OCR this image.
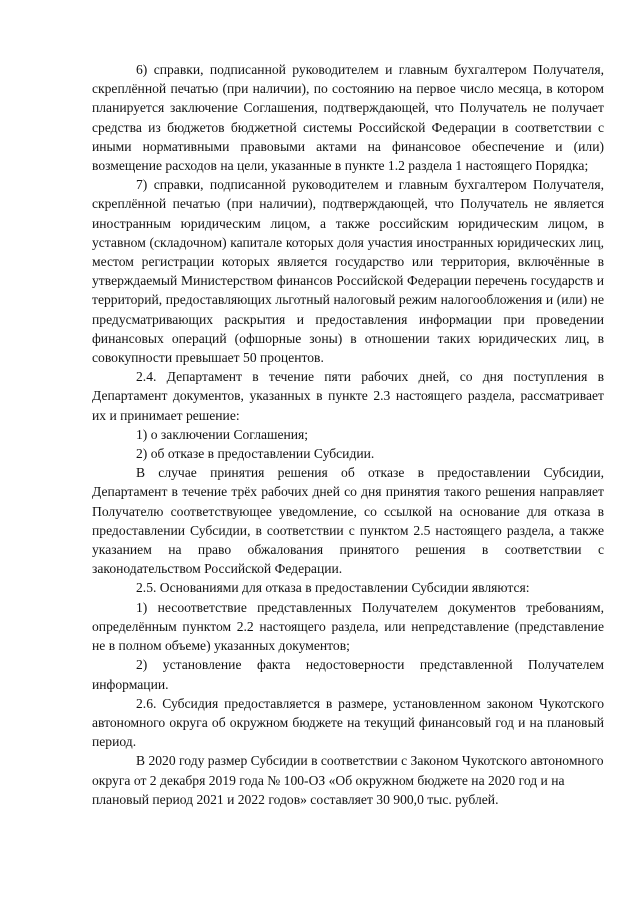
6) справки, подписанной руководителем и главным бухгалтером Получателя, скреплённой печатью (при наличии), по состоянию на первое число месяца, в котором планируется заключение Соглашения, подтверждающей, что Получатель не получает средства из бюджетов бюджетной системы Российской Федерации в соответствии с иными нормативными правовыми актами на финансовое обеспечение и (или) возмещение расходов на цели, указанные в пункте 1.2 раздела 1 настоящего Порядка;

7) справки, подписанной руководителем и главным бухгалтером Получателя, скреплённой печатью (при наличии), подтверждающей, что Получатель не является иностранным юридическим лицом, а также российским юридическим лицом, в уставном (складочном) капитале которых доля участия иностранных юридических лиц, местом регистрации которых является государство или территория, включённые в утверждаемый Министерством финансов Российской Федерации перечень государств и территорий, предоставляющих льготный налоговый режим налогообложения и (или) не предусматривающих раскрытия и предоставления информации при проведении финансовых операций (офшорные зоны) в отношении таких юридических лиц, в совокупности превышает 50 процентов.

2.4. Департамент в течение пяти рабочих дней, со дня поступления в Департамент документов, указанных в пункте 2.3 настоящего раздела, рассматривает их и принимает решение:

1) о заключении Соглашения;

2) об отказе в предоставлении Субсидии.

В случае принятия решения об отказе в предоставлении Субсидии, Департамент в течение трёх рабочих дней со дня принятия такого решения направляет Получателю соответствующее уведомление, со ссылкой на основание для отказа в предоставлении Субсидии, в соответствии с пунктом 2.5 настоящего раздела, а также указанием на право обжалования принятого решения в соответствии с законодательством Российской Федерации.

2.5. Основаниями для отказа в предоставлении Субсидии являются:

1) несоответствие представленных Получателем документов требованиям, определённым пунктом 2.2 настоящего раздела, или непредставление (представление не в полном объеме) указанных документов;

2) установление факта недостоверности представленной Получателем информации.

2.6. Субсидия предоставляется в размере, установленном законом Чукотского автономного округа об окружном бюджете на текущий финансовый год и на плановый период.

В 2020 году размер Субсидии в соответствии с Законом Чукотского автономного округа от 2 декабря 2019 года № 100-ОЗ «Об окружном бюджете на 2020 год и на плановый период 2021 и 2022 годов» составляет 30 900,0 тыс. рублей.
